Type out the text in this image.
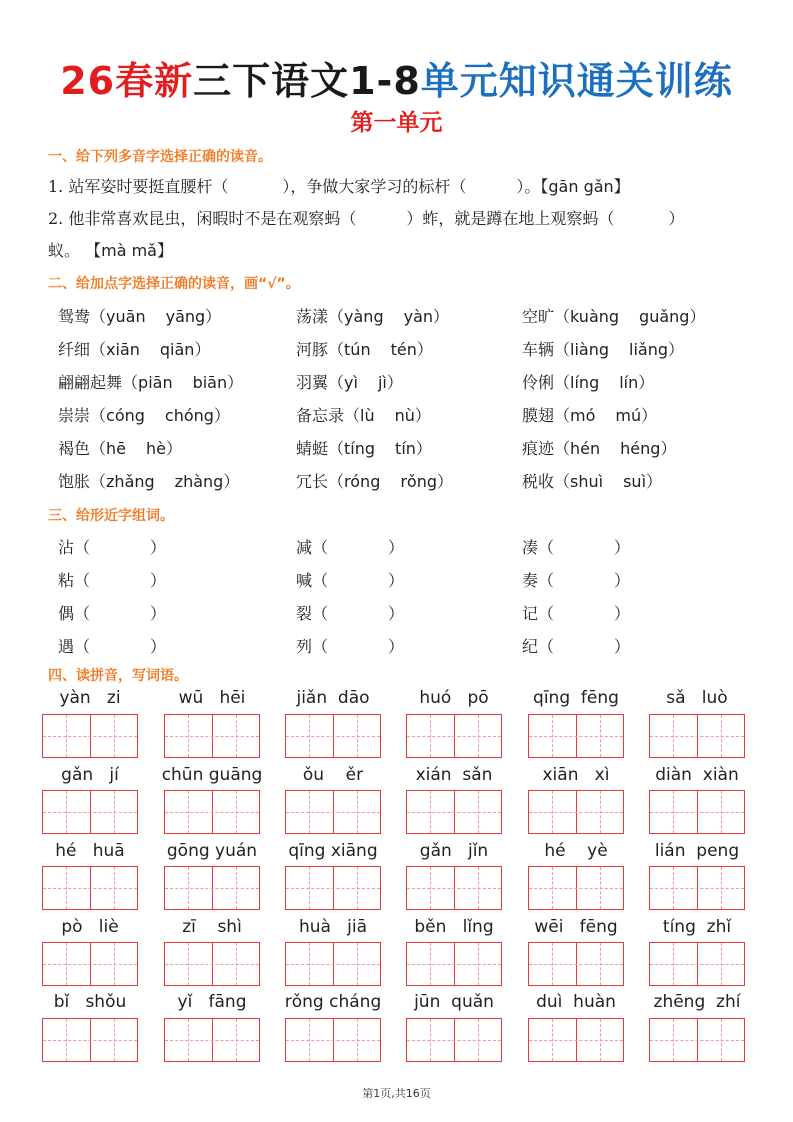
26春新三下语文1-8单元知识通关训练
第一单元
一、给下列多音字选择正确的读音。
1. 站军姿时要挺直腰杆（	），争做大家学习的标杆（	）。【gān gǎn】
2. 他非常喜欢昆虫，闲暇时不是在观察蚂（	）蚱，就是蹲在地上观察蚂（	）
蚁。 【mà mǎ】
二、给加点字选择正确的读音，画“√”。
鸳鸯（yuān yāng）	荡漾（yàng yàn）	空旷（kuàng guǎng）
纤细（xiān qiān）	河豚（tún tén）	车辆（liàng liǎng）
翩翩起舞（piān biān）	羽翼（yì jì）	伶俐（líng lín）
崇崇（cóng chóng）	备忘录（lù nù）	膜翅（mó mú）
褐色（hē hè）	蜻蜓（tíng tín）	痕迹（hén héng）
饱胀（zhǎng zhàng）	冗长（róng rǒng）	税收（shuì suì）
三、给形近字组词。
沾（	）	减（	）	凑（	）
粘（	）	喊（	）	奏（	）
偶（	）	裂（	）	记（	）
遇（	）	列（	）	纪（	）
四、读拼音，写词语。
yàn   zi	wū   hēi	jiǎn  dāo	huó   pō	qīng  fēng	sǎ   luò
gǎn   jí	chūn guāng	ǒu    ěr	xián  sǎn	xiān   xì	diàn  xiàn
hé   huā	gōng yuán	qīng xiāng	gǎn   jǐn	hé    yè	lián  peng
pò   liè	zī    shì	huà   jiā	běn   lǐng	wēi   fēng	tíng  zhǐ
bǐ   shǒu	yǐ   fāng	rǒng cháng	jūn  quǎn	duì  huàn	zhēng  zhí
第1页,共16页
